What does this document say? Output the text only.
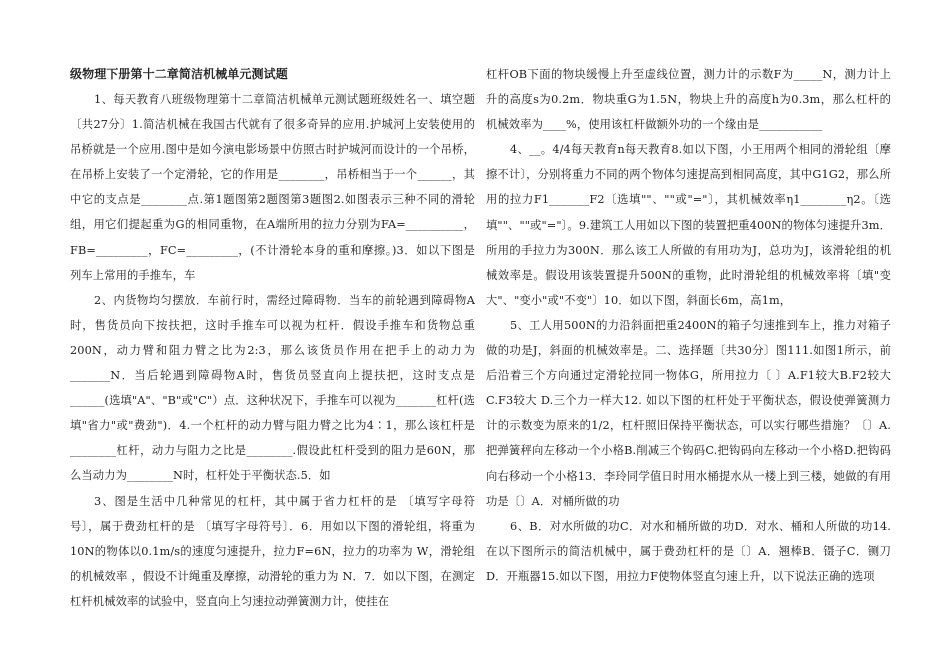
级物理下册第十二章简洁机械单元测试题

1、每天教育八班级物理第十二章简洁机械单元测试题班级姓名一、填空题〔共27分〕1.简洁机械在我国古代就有了很多奇异的应用.护城河上安装使用的吊桥就是一个应用.图中是如今演电影场景中仿照古时护城河而设计的一个吊桥，在吊桥上安装了一个定滑轮，它的作用是________，吊桥相当于一个______，其中它的支点是________点.第1题图第2题图第3题图2.如图表示三种不同的滑轮组，用它们提起重为G的相同重物，在A端所用的拉力分别为FA=__________，FB=_________，FC=_________，(不计滑轮本身的重和摩擦。)3．如以下图是列车上常用的手推车，车

2、内货物均匀摆放．车前行时，需经过障碍物．当车的前轮遇到障碍物A时，售货员向下按扶把，这时手推车可以视为杠杆．假设手推车和货物总重200N，动力臂和阻力臂之比为2:3，那么该货员作用在把手上的动力为_______N．当后轮遇到障碍物A时，售货员竖直向上提扶把，这时支点是______(选填"A"、"B"或"C"）点．这种状况下，手推车可以视为_______杠杆(选填"省力"或"费劲")．4.一个杠杆的动力臂与阻力臂之比为4∶1，那么该杠杆是________杠杆，动力与阻力之比是________.假设此杠杆受到的阻力是60N，那么当动力为________N时，杠杆处于平衡状态.5．如

3、图是生活中几种常见的杠杆，其中属于省力杠杆的是 〔填写字母符号〕，属于费劲杠杆的是 〔填写字母符号〕．6．用如以下图的滑轮组，将重为10N的物体以0.1m/s的速度匀速提升，拉力F=6N，拉力的功率为 W，滑轮组的机械效率 ，假设不计绳重及摩擦，动滑轮的重力为 N．7．如以下图，在测定杠杆机械效率的试验中，竖直向上匀速拉动弹簧测力计，使挂在

杠杆OB下面的物块缓慢上升至虚线位置，测力计的示数F为_____N，测力计上升的高度s为0.2m．物块重G为1.5N，物块上升的高度h为0.3m，那么杠杆的机械效率为____%，使用该杠杆做额外功的一个缘由是___________

4、__。4/4每天教育n每天教育8.如以下图，小王用两个相同的滑轮组〔摩擦不计〕，分别将重力不同的两个物体匀速提高到相同高度，其中G1G2，那么所用的拉力F1_______F2〔选填""、""或"="〕，其机械效率η1________η2。〔选填""、""或"="〕。9.建筑工人用如以下图的装置把重400N的物体匀速提升3m．所用的手拉力为300N．那么该工人所做的有用功为J，总功为J，该滑轮组的机械效率是。假设用该装置提升500N的重物，此时滑轮组的机械效率将〔填"变大"、"变小"或"不变"〕10．如以下图，斜面长6m，高1m，

5、工人用500N的力沿斜面把重2400N的箱子匀速推到车上，推力对箱子做的功是J，斜面的机械效率是。二、选择题〔共30分〕图111.如图1所示，前后沿着三个方向通过定滑轮拉同一物体G，所用拉力〔 〕A.F1较大B.F2较大C.F3较大 D.三个力一样大12. 如以下图的杠杆处于平衡状态，假设使弹簧测力计的示数变为原来的1/2，杠杆照旧保持平衡状态，可以实行哪些措施？〔〕A.把弹簧秤向左移动一个小格B.削减三个钩码C.把钩码向左移动一个小格D.把钩码向右移动一个小格13．李玲同学值日时用水桶提水从一楼上到三楼，她做的有用功是〔〕A．对桶所做的功

6、B．对水所做的功C．对水和桶所做的功D．对水、桶和人所做的功14.在以下图所示的简洁机械中，属于费劲杠杆的是〔〕A．翘棒B．镊子C．铡刀D．开瓶器15.如以下图，用拉力F使物体竖直匀速上升，以下说法正确的选项
